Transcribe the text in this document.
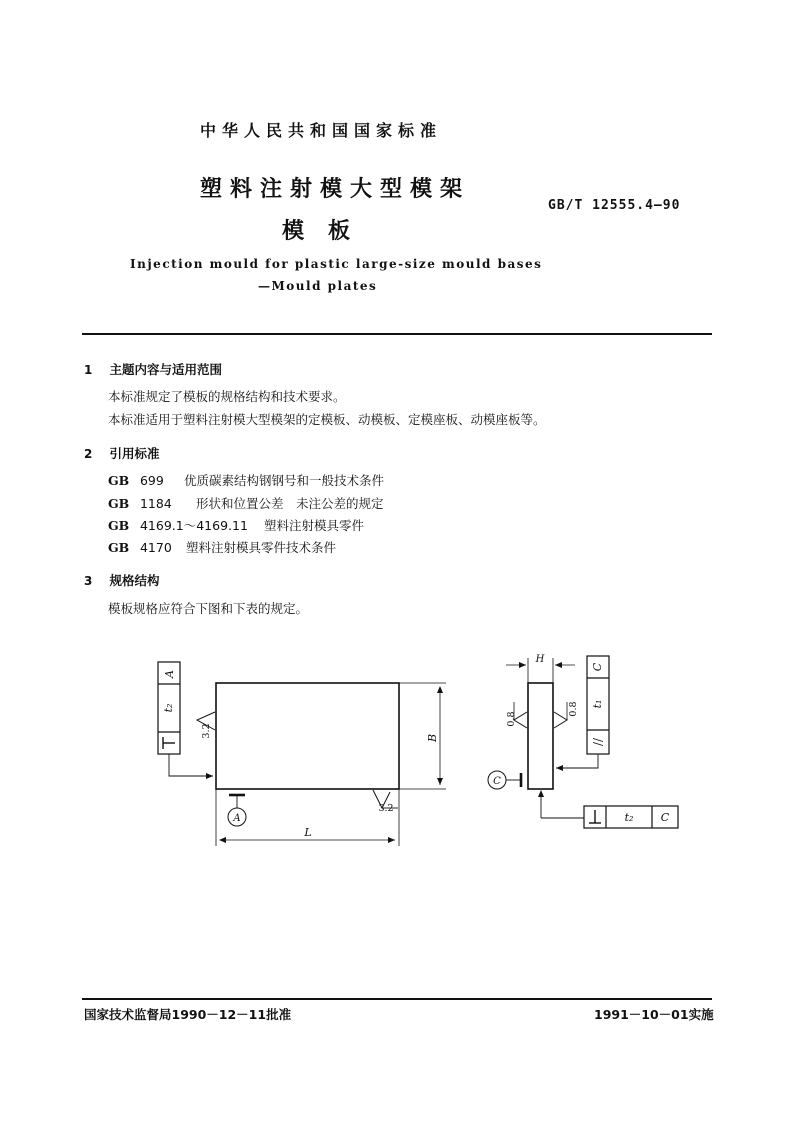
中华人民共和国国家标准
塑料注射模大型模架
模板
GB/T 12555.4—90
Injection mould for plastic large-size mould bases
—Mould plates
1 主题内容与适用范围
本标准规定了模板的规格结构和技术要求。
本标准适用于塑料注射模大型模架的定模板、动模板、定模座板、动模座板等。
2 引用标准
GB 699 优质碳素结构钢钢号和一般技术条件
GB 1184 形状和位置公差　未注公差的规定
GB 4169.1～4169.11 塑料注射模具零件
GB 4170 塑料注射模具零件技术条件
3 规格结构
模板规格应符合下图和下表的规定。
A
t₂
3.2	B
A
3.2
L
H
0.8
0.8
C
t₁
//
C
t₂ C
国家技术监督局1990－12－11批准	1991－10－01实施
